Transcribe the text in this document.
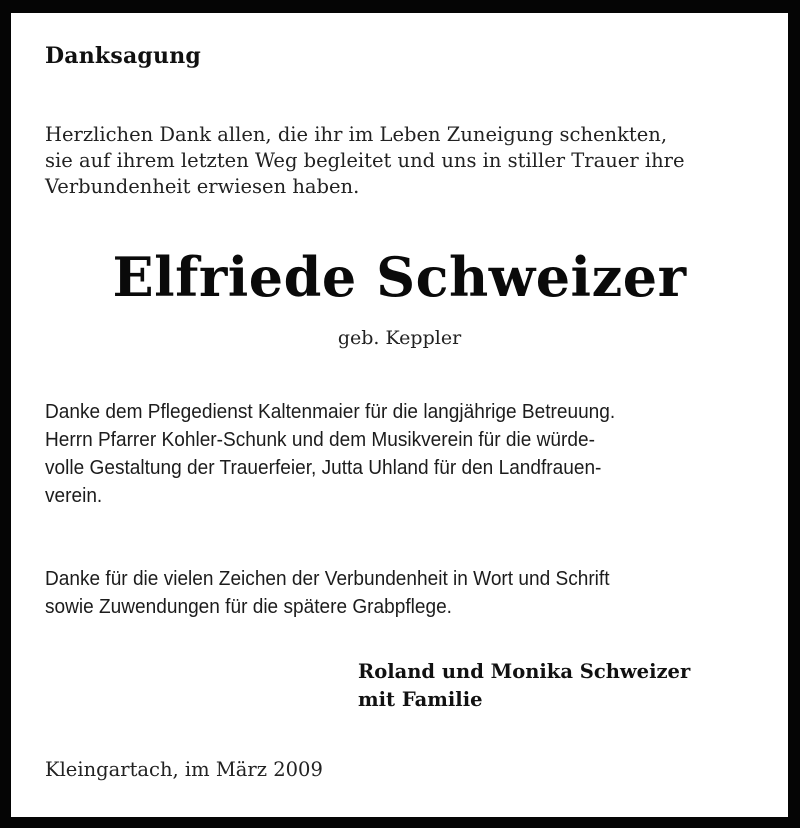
Danksagung
Herzlichen Dank allen, die ihr im Leben Zuneigung schenkten,
sie auf ihrem letzten Weg begleitet und uns in stiller Trauer ihre
Verbundenheit erwiesen haben.
Elfriede Schweizer
geb. Keppler
Danke dem Pflegedienst Kaltenmaier für die langjährige Betreuung.
Herrn Pfarrer Kohler-Schunk und dem Musikverein für die würde-
volle Gestaltung der Trauerfeier, Jutta Uhland für den Landfrauen-
verein.
Danke für die vielen Zeichen der Verbundenheit in Wort und Schrift
sowie Zuwendungen für die spätere Grabpflege.
Roland und Monika Schweizer
mit Familie
Kleingartach, im März 2009
